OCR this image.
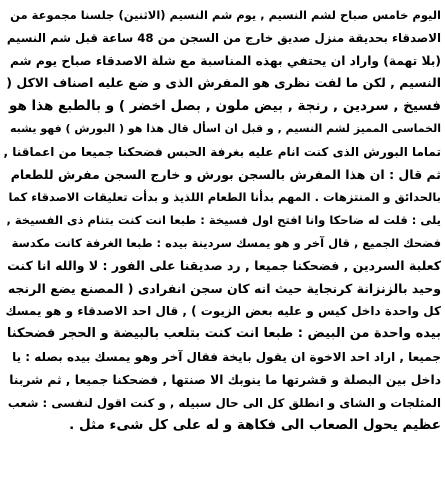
اليوم خامس صباح لشم النسيم , يوم شم النسيم (الاثنين) جلسنا مجموعة من
الاصدقاء بحديقة منزل صديق خارج من السجن من 48 ساعة قبل شم النسيم
(بلا تهمة) واراد ان يحتفي بهذه المناسبة مع شلة الاصدقاء صباح يوم شم
النسيم , لكن ما لفت نظرى هو المفرش الذى و ضع عليه اصناف الاكل (
فسيخ , سردين , رنجة , بيض ملون , بصل اخضر ) و بالطبع هذا هو
الخماسى المميز لشم النسيم , و قبل ان اسأل قال هذا هو ( البورش ) فهو يشبه
تماما البورش الذى كنت انام عليه بغرفة الحبس فضحكنا جميعا من اعماقنا ,
ثم قال : ان هذا المفرش بالسجن بورش و خارج السجن مفرش للطعام
بالحدائق و المنتزهات . المهم بدأنا الطعام اللذيذ و بدأت تعليقات الاصدقاء كما
يلى : قلت له ضاحكا وانا افتح اول فسيخة : طبعا انت كنت بتنام ذى الفسيخة ,
فضحك الجميع , قال آخر و هو يمسك سردينة بيده : طبعا الغرفة كانت مكدسة
كعلبة السردين , فضحكنا جميعا , رد صديقنا على الفور : لا والله انا كنت
وحيد بالزنزانة كرنجاية حيث انه كان سجن انفرادى ( المصنع يضع الرنجه
كل واحدة داخل كيس و عليه بعض الزيوت ) , قال احد الاصدقاء و هو يمسك
بيده واحدة من البيض : طبعا انت كنت بتلعب بالبيضة و الحجر فضحكنا
جميعا , اراد احد الاخوة ان يقول بايخة فقال آخر وهو يمسك بيده بصله : يا
داخل بين البصلة و قشرتها ما ينوبك الا صنتها , فضحكنا جميعا , ثم شربنا
المثلجات و الشاى و انطلق كل الى حال سبيله , و كنت اقول لنفسى : شعب
عظيم يحول الصعاب الى فكاهة و له على كل شىء مثل .
